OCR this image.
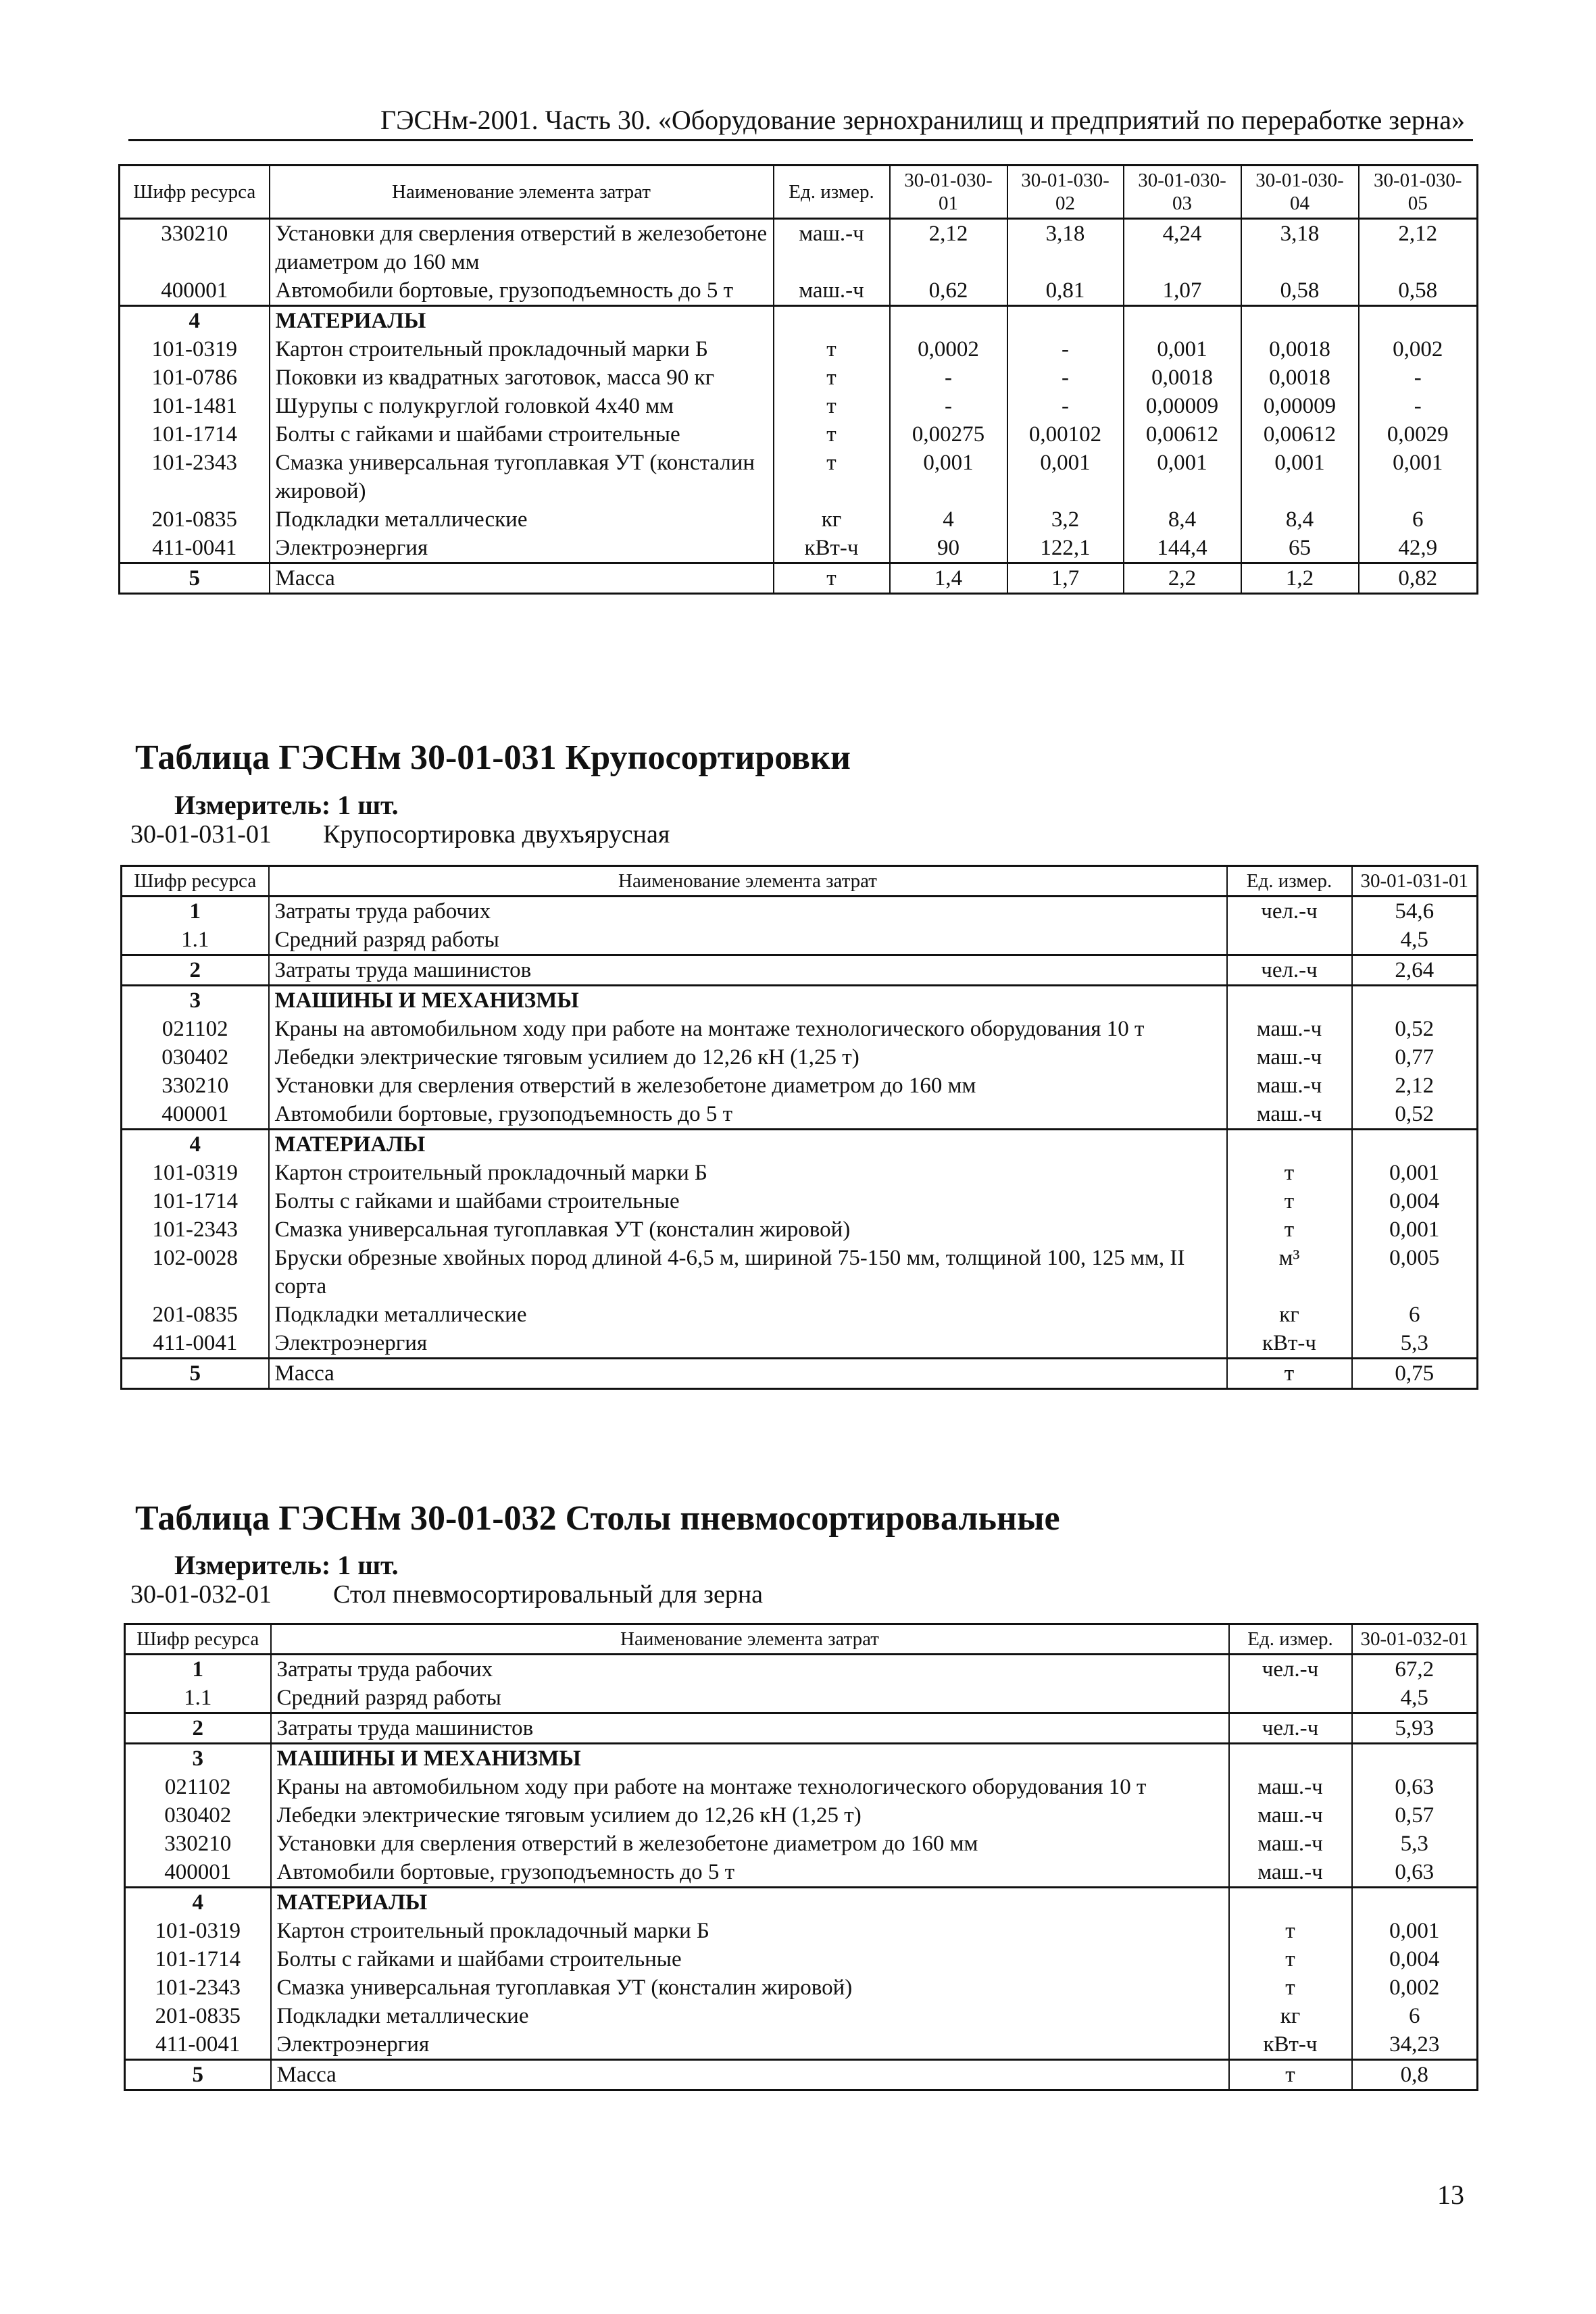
ГЭСНм-2001. Часть 30. «Оборудование зернохранилищ и предприятий по переработке зерна»
Шифр ресурса	Наименование элемента затрат	Ед. измер.	30-01-030-01	30-01-030-02	30-01-030-03	30-01-030-04	30-01-030-05
330210	Установки для сверления отверстий в железобетоне диаметром до 160 мм	маш.-ч	2,12	3,18	4,24	3,18	2,12
400001	Автомобили бортовые, грузоподъемность до 5 т	маш.-ч	0,62	0,81	1,07	0,58	0,58
4	МАТЕРИАЛЫ						
101-0319	Картон строительный прокладочный марки Б	т	0,0002	-	0,001	0,0018	0,002
101-0786	Поковки из квадратных заготовок, масса 90 кг	т	-	-	0,0018	0,0018	-
101-1481	Шурупы с полукруглой головкой 4х40 мм	т	-	-	0,00009	0,00009	-
101-1714	Болты с гайками и шайбами строительные	т	0,00275	0,00102	0,00612	0,00612	0,0029
101-2343	Смазка универсальная тугоплавкая УТ (консталин жировой)	т	0,001	0,001	0,001	0,001	0,001
201-0835	Подкладки металлические	кг	4	3,2	8,4	8,4	6
411-0041	Электроэнергия	кВт-ч	90	122,1	144,4	65	42,9
5	Масса	т	1,4	1,7	2,2	1,2	0,82
Таблица ГЭСНм 30-01-031 Крупосортировки
Измеритель: 1 шт.
30-01-031-01 Крупосортировка двухъярусная
Шифр ресурса	Наименование элемента затрат	Ед. измер.	30-01-031-01
1	Затраты труда рабочих	чел.-ч	54,6
1.1	Средний разряд работы		4,5
2	Затраты труда машинистов	чел.-ч	2,64
3	МАШИНЫ И МЕХАНИЗМЫ		
021102	Краны на автомобильном ходу при работе на монтаже технологического оборудования 10 т	маш.-ч	0,52
030402	Лебедки электрические тяговым усилием до 12,26 кН (1,25 т)	маш.-ч	0,77
330210	Установки для сверления отверстий в железобетоне диаметром до 160 мм	маш.-ч	2,12
400001	Автомобили бортовые, грузоподъемность до 5 т	маш.-ч	0,52
4	МАТЕРИАЛЫ		
101-0319	Картон строительный прокладочный марки Б	т	0,001
101-1714	Болты с гайками и шайбами строительные	т	0,004
101-2343	Смазка универсальная тугоплавкая УТ (консталин жировой)	т	0,001
102-0028	Бруски обрезные хвойных пород длиной 4-6,5 м, шириной 75-150 мм, толщиной 100, 125 мм, II сорта	м³	0,005
201-0835	Подкладки металлические	кг	6
411-0041	Электроэнергия	кВт-ч	5,3
5	Масса	т	0,75
Таблица ГЭСНм 30-01-032 Столы пневмосортировальные
Измеритель: 1 шт.
30-01-032-01 Стол пневмосортировальный для зерна
Шифр ресурса	Наименование элемента затрат	Ед. измер.	30-01-032-01
1	Затраты труда рабочих	чел.-ч	67,2
1.1	Средний разряд работы		4,5
2	Затраты труда машинистов	чел.-ч	5,93
3	МАШИНЫ И МЕХАНИЗМЫ		
021102	Краны на автомобильном ходу при работе на монтаже технологического оборудования 10 т	маш.-ч	0,63
030402	Лебедки электрические тяговым усилием до 12,26 кН (1,25 т)	маш.-ч	0,57
330210	Установки для сверления отверстий в железобетоне диаметром до 160 мм	маш.-ч	5,3
400001	Автомобили бортовые, грузоподъемность до 5 т	маш.-ч	0,63
4	МАТЕРИАЛЫ		
101-0319	Картон строительный прокладочный марки Б	т	0,001
101-1714	Болты с гайками и шайбами строительные	т	0,004
101-2343	Смазка универсальная тугоплавкая УТ (консталин жировой)	т	0,002
201-0835	Подкладки металлические	кг	6
411-0041	Электроэнергия	кВт-ч	34,23
5	Масса	т	0,8
13
